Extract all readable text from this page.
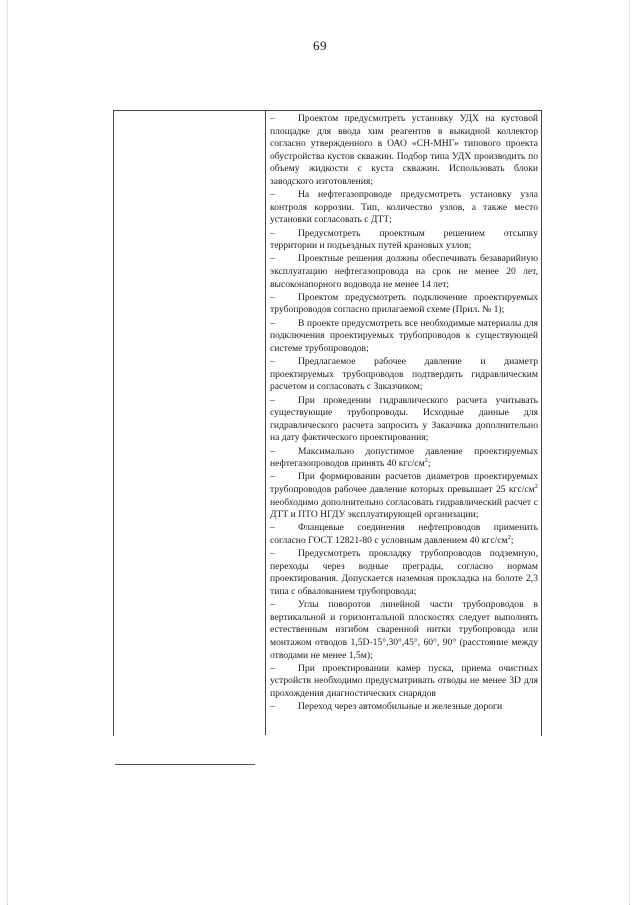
69

– Проектом предусмотреть установку УДХ на кустовой площадке для ввода хим реагентов в выкидной коллектор согласно утвержденного в ОАО «СН-МНГ» типового проекта обустройства кустов скважин. Подбор типа УДХ производить по объему жидкости с куста скважин. Использовать блоки заводского изготовления;

– На нефтегазопроводе предусмотреть установку узла контроля коррозии. Тип, количество узлов, а также место установки согласовать с ДТТ;

– Предусмотреть проектным решением отсыпку территории и подъездных путей крановых узлов;

– Проектные решения должны обеспечивать безаварийную эксплуатацию нефтегазопровода на срок не менее 20 лет, высоконапорного водовода не менее 14 лет;

– Проектом предусмотреть подключение проектируемых трубопроводов согласно прилагаемой схеме (Прил. № 1);

– В проекте предусмотреть все необходимые материалы для подключения проектируемых трубопроводов к существующей системе трубопроводов;

– Предлагаемое рабочее давление и диаметр проектируемых трубопроводов подтвердить гидравлическим расчетом и согласовать с Заказчиком;

– При проведении гидравлического расчета учитывать существующие трубопроводы. Исходные данные для гидравлического расчета запросить у Заказчика дополнительно на дату фактического проектирования;

– Максимально допустимое давление проектируемых нефтегазопроводов принять 40 кгс/$см^2$;

– При формировании расчетов диаметров проектируемых трубопроводов рабочее давление которых превышает 25 кгс/$см^2$ необходимо дополнительно согласовать гидравлический расчет с ДТТ и ПТО НГДУ эксплуатирующей организации;

– Фланцевые соединения нефтепроводов применить согласно ГОСТ 12821-80 с условным давлением 40 кгс/$см^2$;

– Предусмотреть прокладку трубопроводов подземную, переходы через водные преграды, согласно нормам проектирования. Допускается наземная прокладка на болоте 2,3 типа с обвалованием трубопровода;

– Углы поворотов линейной части трубопроводов в вертикальной и горизонтальной плоскостях следует выполнять естественным изгибом сваренной нитки трубопровода или монтажом отводов 1,5D-15°,30°,45°, 60°, 90° (расстояние между отводами не менее 1,5м);

– При проектировании камер пуска, приема очистных устройств необходимо предусматривать отводы не менее 3D для прохождения диагностических снарядов

– Переход через автомобильные и железные дороги
